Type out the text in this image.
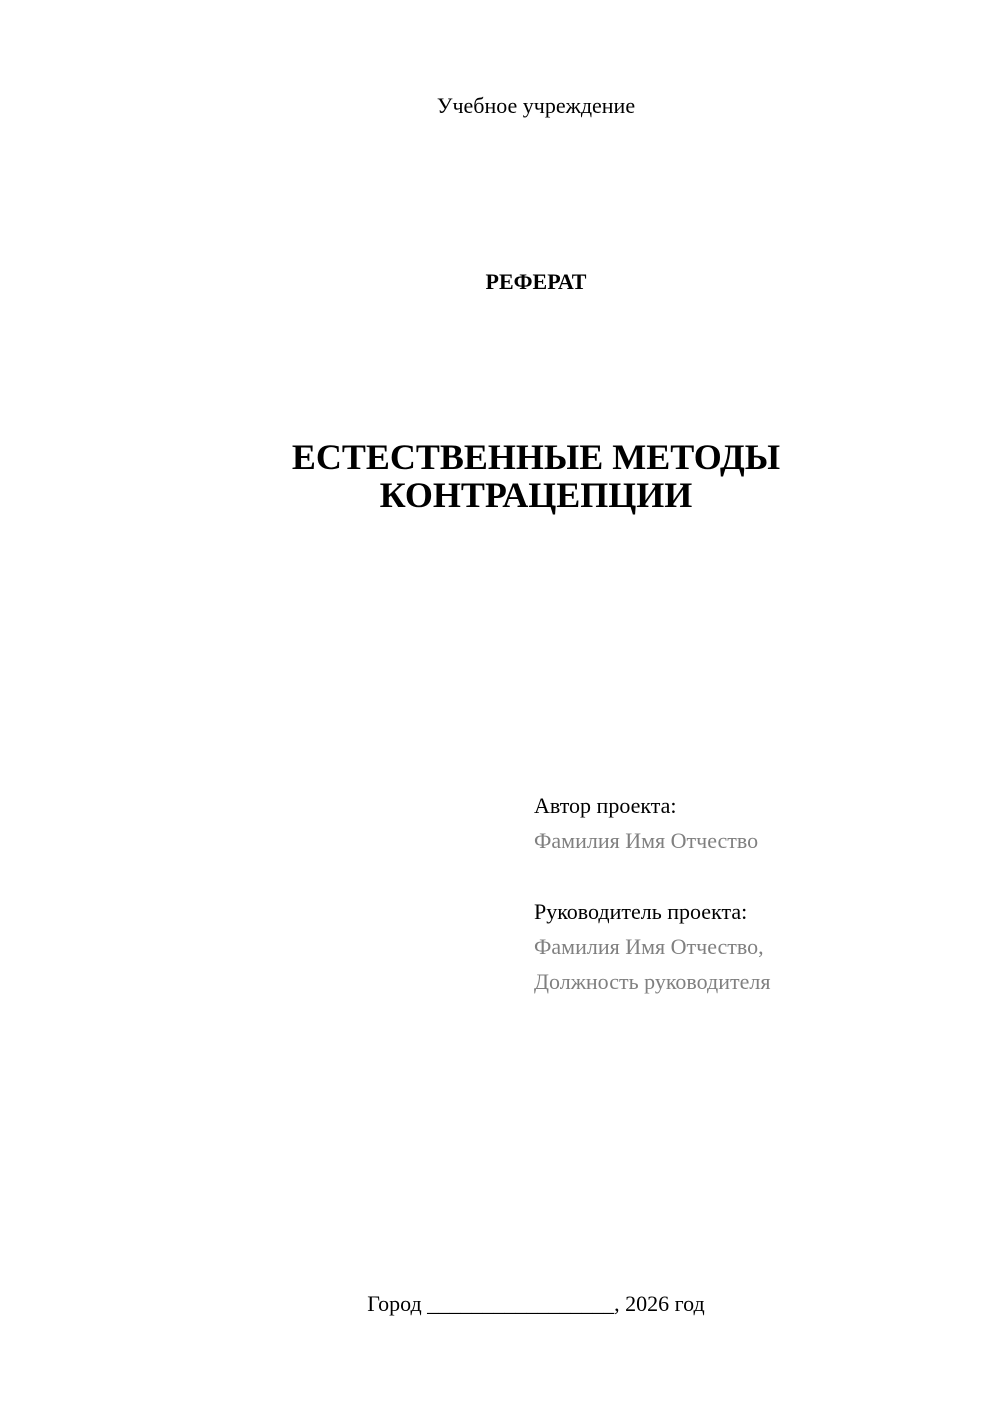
Учебное учреждение
РЕФЕРАТ
ЕСТЕСТВЕННЫЕ МЕТОДЫ
КОНТРАЦЕПЦИИ
Автор проекта:
Фамилия Имя Отчество
Руководитель проекта:
Фамилия Имя Отчество,
Должность руководителя
Город _________________, 2026 год
